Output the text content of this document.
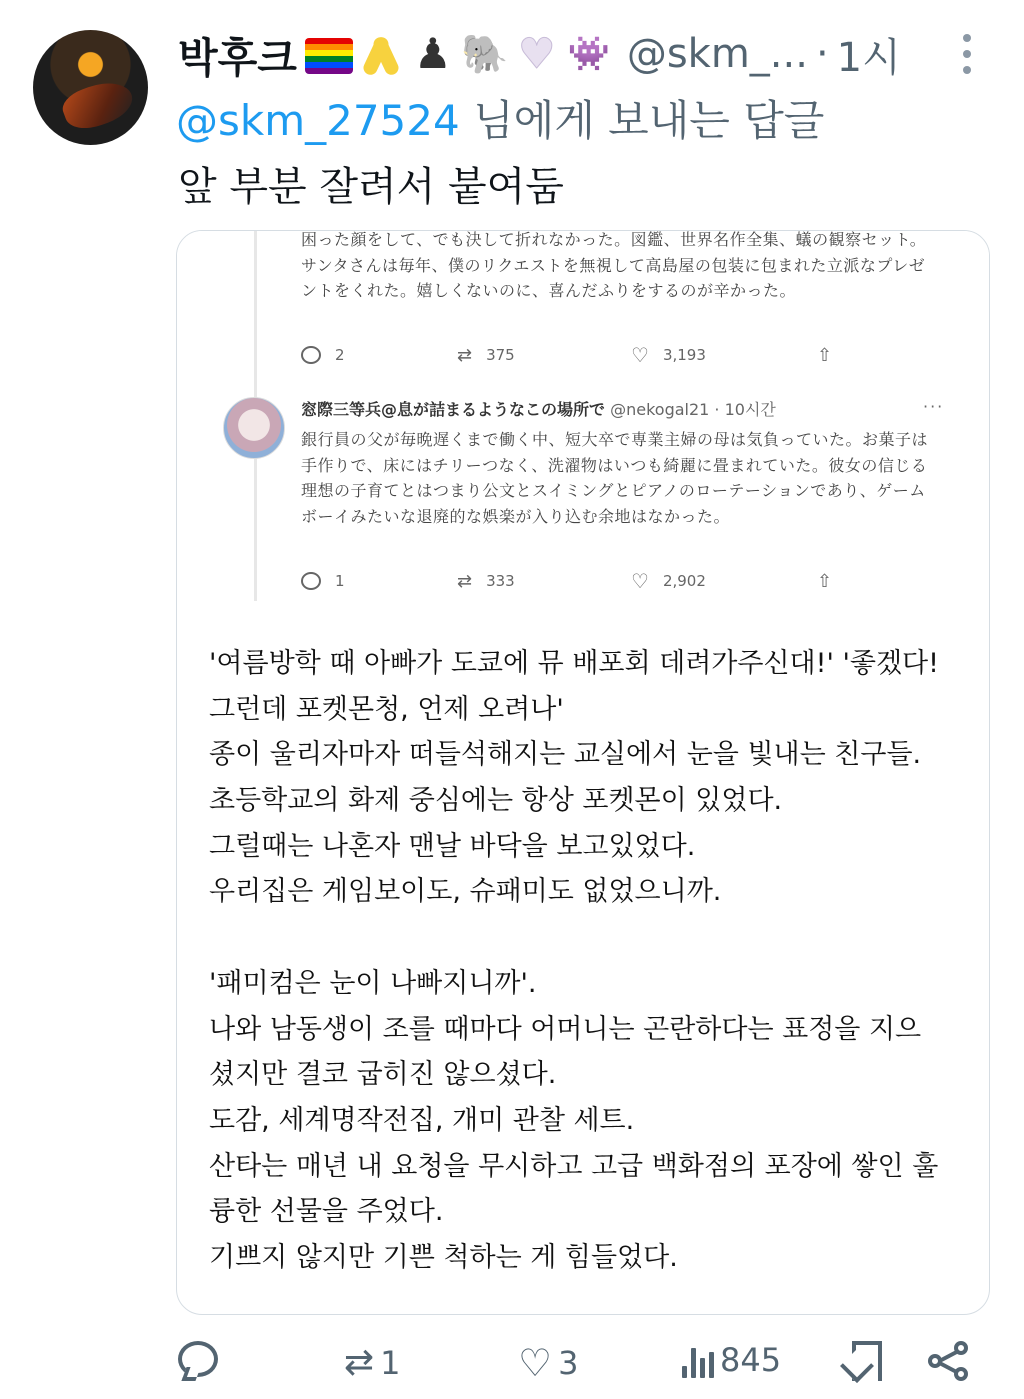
박후크	♟ 🐘 ♥ 👾 @skm_... · 1시
@skm_27524 님에게 보내는 답글
앞 부분 잘려서 붙여둠
困った顔をして、でも決して折れなかった。図鑑、世界名作全集、蟻の観察セット。サンタさんは毎年、僕のリクエストを無視して高島屋の包装に包まれた立派なプレゼントをくれた。嬉しくないのに、喜んだふりをするのが辛かった。
2	⇄ 375	♡ 3,193	⇧
窓際三等兵@息が詰まるようなこの場所で @nekogal21 · 10시간	···
銀行員の父が毎晩遅くまで働く中、短大卒で専業主婦の母は気負っていた。お菓子は手作りで、床にはチリーつなく、洗濯物はいつも綺麗に畳まれていた。彼女の信じる理想の子育てとはつまり公文とスイミングとピアノのローテーションであり、ゲームボーイみたいな退廃的な娯楽が入り込む余地はなかった。
1	⇄ 333	♡ 2,902	⇧
'여름방학 때 아빠가 도쿄에 뮤 배포회 데려가주신대!' '좋겠다!
그런데 포켓몬청, 언제 오려나'
종이 울리자마자 떠들석해지는 교실에서 눈을 빛내는 친구들.
초등학교의 화제 중심에는 항상 포켓몬이 있었다.
그럴때는 나혼자 맨날 바닥을 보고있었다.
우리집은 게임보이도, 슈패미도 없었으니까.
'패미컴은 눈이 나빠지니까'.
나와 남동생이 조를 때마다 어머니는 곤란하다는 표정을 지으
셨지만 결코 굽히진 않으셨다.
도감, 세계명작전집, 개미 관찰 세트.
산타는 매년 내 요청을 무시하고 고급 백화점의 포장에 쌓인 훌
륭한 선물을 주었다.
기쁘지 않지만 기쁜 척하는 게 힘들었다.
⇄ 1	♡ 3	845
